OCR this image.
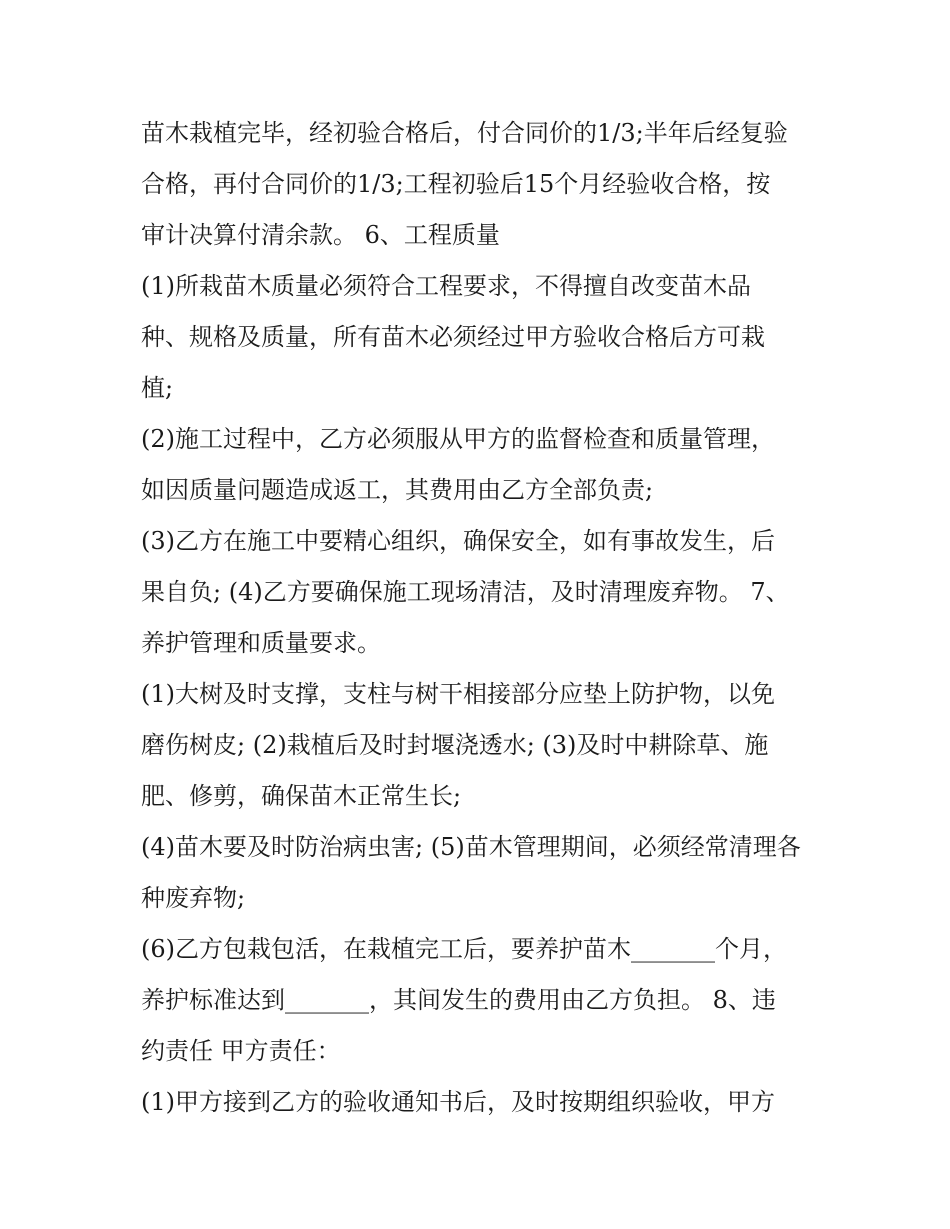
苗木栽植完毕，经初验合格后，付合同价的1/3;半年后经复验
合格，再付合同价的1/3;工程初验后15个月经验收合格，按
审计决算付清余款。 6、工程质量
(1)所栽苗木质量必须符合工程要求，不得擅自改变苗木品
种、规格及质量，所有苗木必须经过甲方验收合格后方可栽
植;
(2)施工过程中，乙方必须服从甲方的监督检查和质量管理，
如因质量问题造成返工，其费用由乙方全部负责;
(3)乙方在施工中要精心组织，确保安全，如有事故发生，后
果自负; (4)乙方要确保施工现场清洁，及时清理废弃物。 7、
养护管理和质量要求。
(1)大树及时支撑，支柱与树干相接部分应垫上防护物，以免
磨伤树皮; (2)栽植后及时封堰浇透水; (3)及时中耕除草、施
肥、修剪，确保苗木正常生长;
(4)苗木要及时防治病虫害; (5)苗木管理期间，必须经常清理各
种废弃物;
(6)乙方包栽包活，在栽植完工后，要养护苗木_______个月，
养护标准达到_______，其间发生的费用由乙方负担。 8、违
约责任 甲方责任：
(1)甲方接到乙方的验收通知书后，及时按期组织验收，甲方
